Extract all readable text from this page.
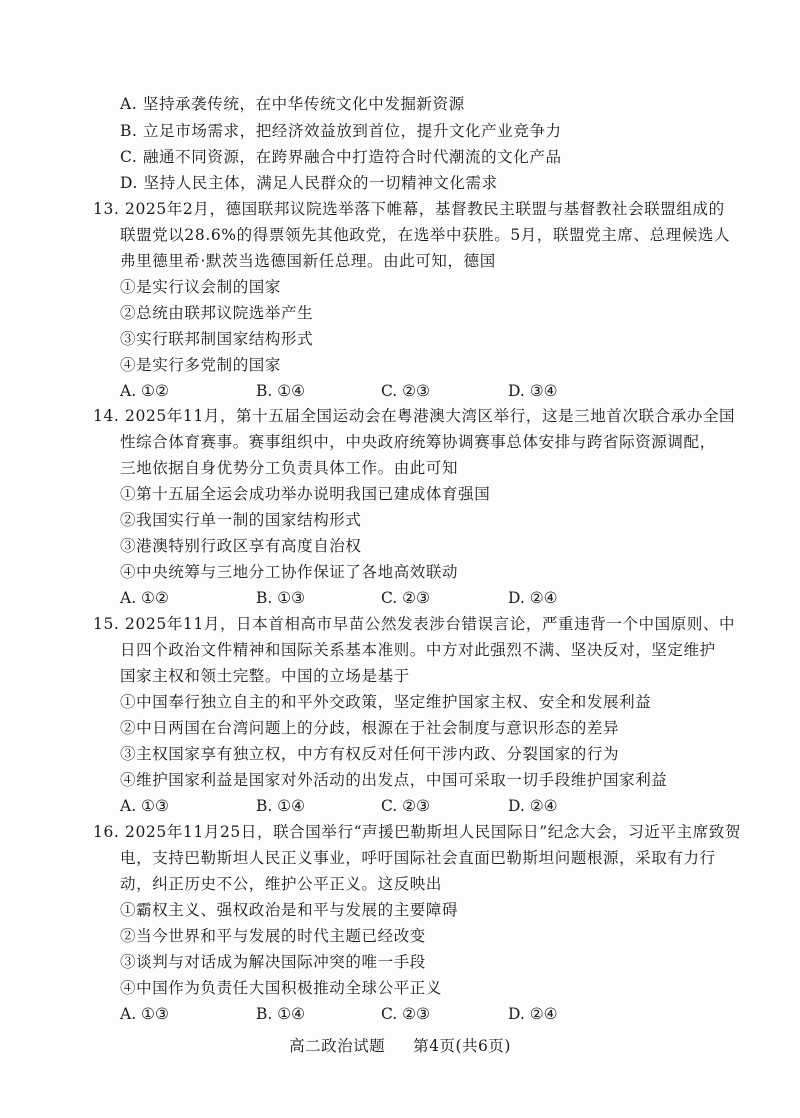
A. 坚持承袭传统，在中华传统文化中发掘新资源
B. 立足市场需求，把经济效益放到首位，提升文化产业竞争力
C. 融通不同资源，在跨界融合中打造符合时代潮流的文化产品
D. 坚持人民主体，满足人民群众的一切精神文化需求
13. 2025年2月，德国联邦议院选举落下帷幕，基督教民主联盟与基督教社会联盟组成的
联盟党以28.6%的得票领先其他政党，在选举中获胜。5月，联盟党主席、总理候选人
弗里德里希·默茨当选德国新任总理。由此可知，德国
①是实行议会制的国家
②总统由联邦议院选举产生
③实行联邦制国家结构形式
④是实行多党制的国家
A. ①②	B. ①④	C. ②③	D. ③④
14. 2025年11月，第十五届全国运动会在粤港澳大湾区举行，这是三地首次联合承办全国
性综合体育赛事。赛事组织中，中央政府统筹协调赛事总体安排与跨省际资源调配，
三地依据自身优势分工负责具体工作。由此可知
①第十五届全运会成功举办说明我国已建成体育强国
②我国实行单一制的国家结构形式
③港澳特别行政区享有高度自治权
④中央统筹与三地分工协作保证了各地高效联动
A. ①②	B. ①③	C. ②③	D. ②④
15. 2025年11月，日本首相高市早苗公然发表涉台错误言论，严重违背一个中国原则、中
日四个政治文件精神和国际关系基本准则。中方对此强烈不满、坚决反对，坚定维护
国家主权和领土完整。中国的立场是基于
①中国奉行独立自主的和平外交政策，坚定维护国家主权、安全和发展利益
②中日两国在台湾问题上的分歧，根源在于社会制度与意识形态的差异
③主权国家享有独立权，中方有权反对任何干涉内政、分裂国家的行为
④维护国家利益是国家对外活动的出发点，中国可采取一切手段维护国家利益
A. ①③	B. ①④	C. ②③	D. ②④
16. 2025年11月25日，联合国举行“声援巴勒斯坦人民国际日”纪念大会，习近平主席致贺
电，支持巴勒斯坦人民正义事业，呼吁国际社会直面巴勒斯坦问题根源，采取有力行
动，纠正历史不公，维护公平正义。这反映出
①霸权主义、强权政治是和平与发展的主要障碍
②当今世界和平与发展的时代主题已经改变
③谈判与对话成为解决国际冲突的唯一手段
④中国作为负责任大国积极推动全球公平正义
A. ①③	B. ①④	C. ②③	D. ②④
高二政治试题 第4页(共6页)
